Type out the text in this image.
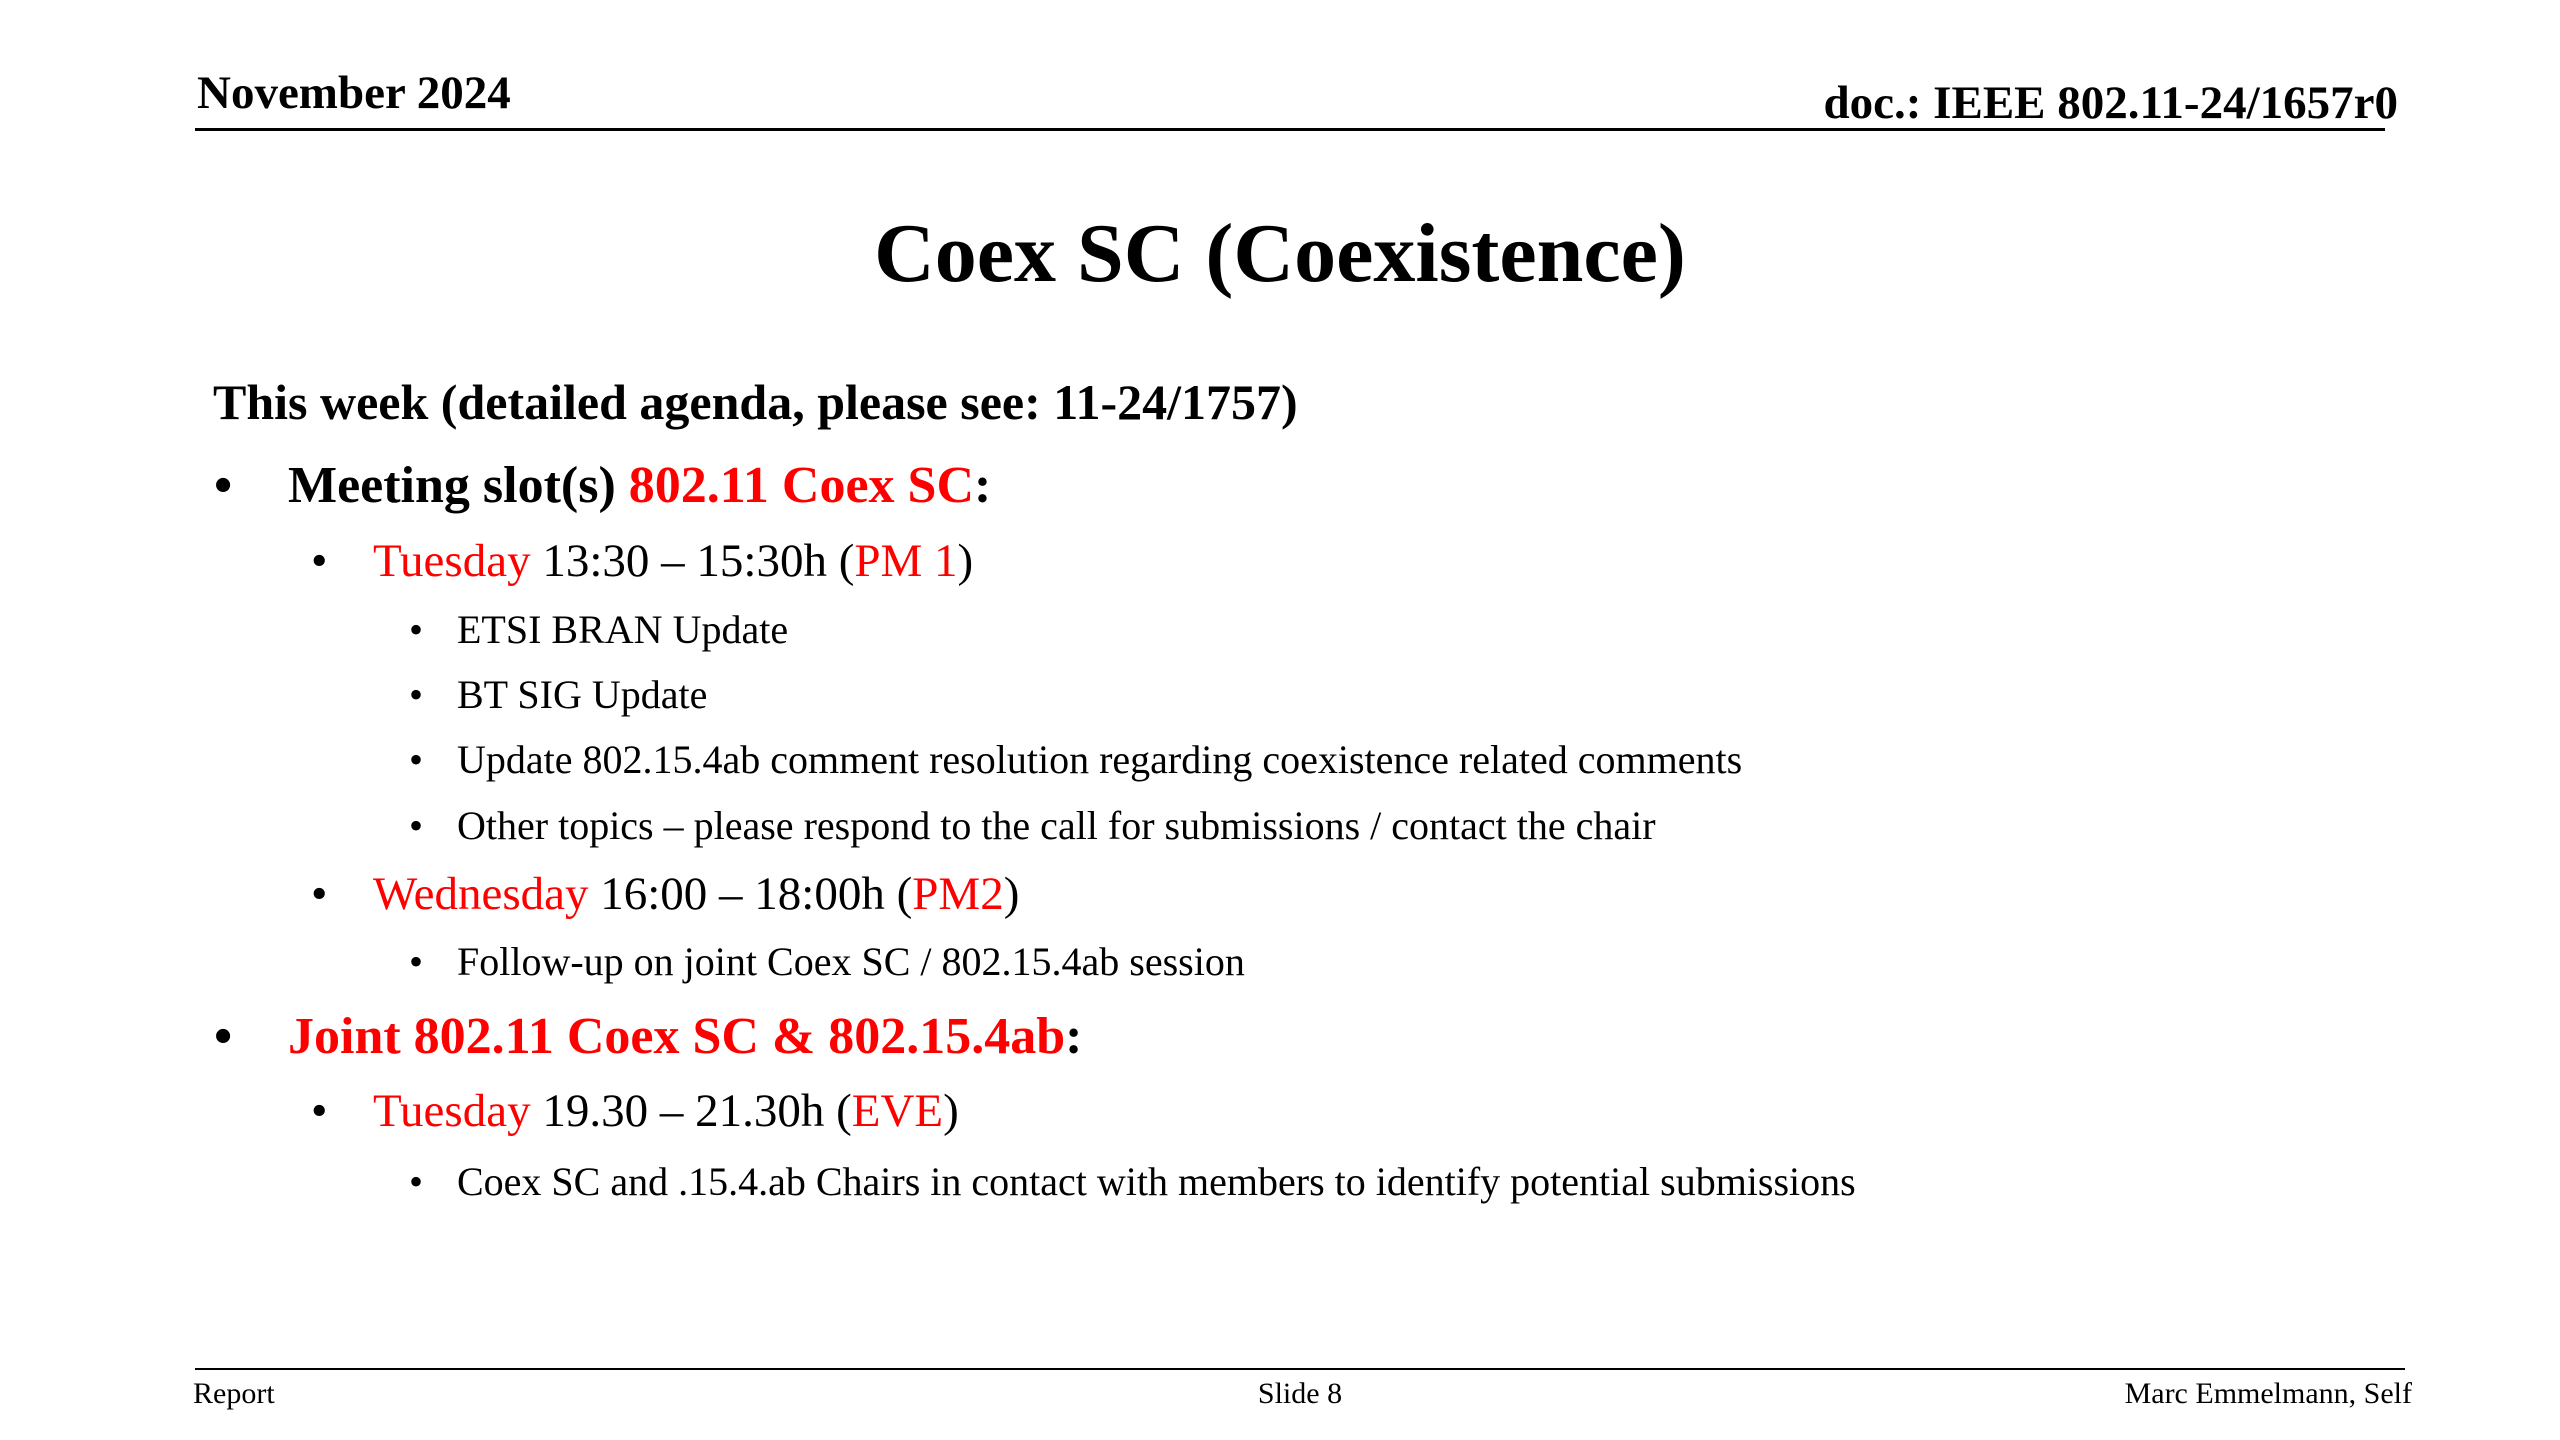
November 2024	doc.: IEEE 802.11-24/1657r0
Coex SC (Coexistence)
This week (detailed agenda, please see: 11-24/1757)
• Meeting slot(s) 802.11 Coex SC:
• Tuesday 13:30 – 15:30h (PM 1)
• ETSI BRAN Update
• BT SIG Update
• Update 802.15.4ab comment resolution regarding coexistence related comments
• Other topics – please respond to the call for submissions / contact the chair
• Wednesday 16:00 – 18:00h (PM2)
• Follow-up on joint Coex SC / 802.15.4ab session
• Joint 802.11 Coex SC & 802.15.4ab:
• Tuesday 19.30 – 21.30h (EVE)
• Coex SC and .15.4.ab Chairs in contact with members to identify potential submissions
Report	Slide 8	Marc Emmelmann, Self
